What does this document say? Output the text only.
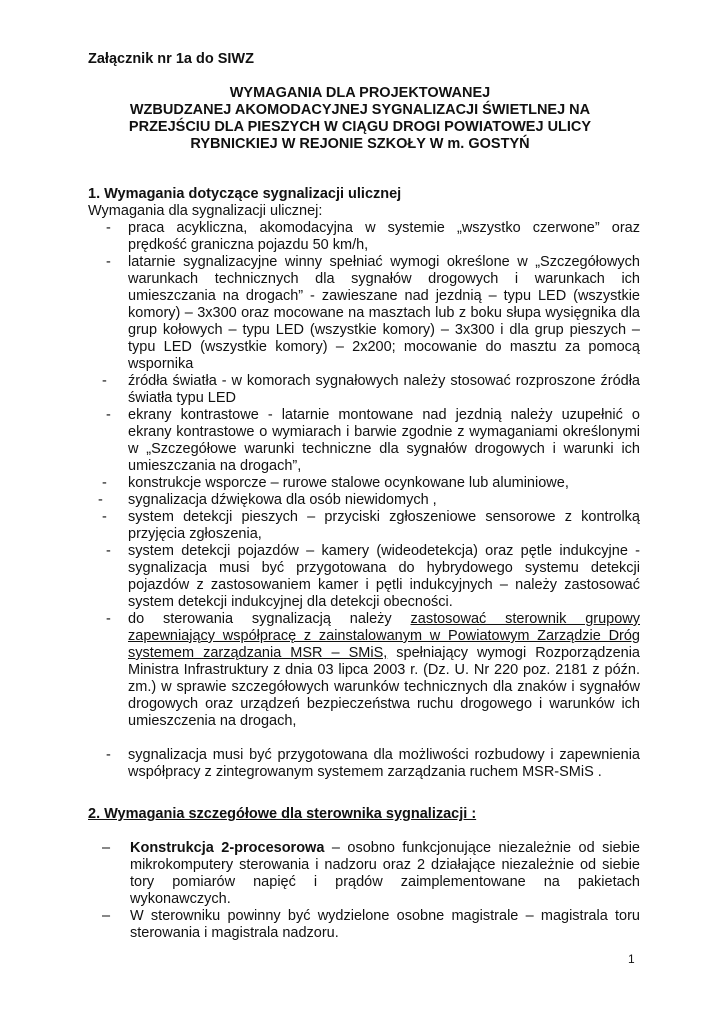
Załącznik nr 1a do SIWZ
WYMAGANIA DLA PROJEKTOWANEJ
WZBUDZANEJ AKOMODACYJNEJ SYGNALIZACJI ŚWIETLNEJ NA
PRZEJŚCIU DLA PIESZYCH W CIĄGU DROGI POWIATOWEJ ULICY
RYBNICKIEJ W REJONIE SZKOŁY W m. GOSTYŃ
1. Wymagania dotyczące sygnalizacji ulicznej
Wymagania dla sygnalizacji ulicznej:
- praca acykliczna, akomodacyjna w systemie „wszystko czerwone” oraz prędkość graniczna pojazdu 50 km/h,
- latarnie sygnalizacyjne winny spełniać wymogi określone w „Szczegółowych warunkach technicznych dla sygnałów drogowych i warunkach ich umieszczania na drogach” - zawieszane nad jezdnią – typu LED (wszystkie komory) – 3x300 oraz mocowane na masztach lub z boku słupa wysięgnika dla grup kołowych – typu LED (wszystkie komory) – 3x300 i dla grup pieszych – typu LED (wszystkie komory) – 2x200; mocowanie do masztu za pomocą wspornika
- źródła światła - w komorach sygnałowych należy stosować rozproszone źródła światła typu LED
- ekrany kontrastowe - latarnie montowane nad jezdnią należy uzupełnić o ekrany kontrastowe o wymiarach i barwie zgodnie z wymaganiami określonymi w „Szczegółowe warunki techniczne dla sygnałów drogowych i warunki ich umieszczania na drogach”,
- konstrukcje wsporcze – rurowe stalowe ocynkowane lub aluminiowe,
- sygnalizacja dźwiękowa dla osób niewidomych ,
- system detekcji pieszych – przyciski zgłoszeniowe sensorowe z kontrolką przyjęcia zgłoszenia,
- system detekcji pojazdów – kamery (wideodetekcja) oraz pętle indukcyjne - sygnalizacja musi być przygotowana do hybrydowego systemu detekcji pojazdów z zastosowaniem kamer i pętli indukcyjnych – należy zastosować system detekcji indukcyjnej dla detekcji obecności.
- do sterowania sygnalizacją należy zastosować sterownik grupowy zapewniający współpracę z zainstalowanym w Powiatowym Zarządzie Dróg systemem zarządzania MSR – SMiS, spełniający wymogi Rozporządzenia Ministra Infrastruktury z dnia 03 lipca 2003 r. (Dz. U. Nr 220 poz. 2181 z późn. zm.) w sprawie szczegółowych warunków technicznych dla znaków i sygnałów drogowych oraz urządzeń bezpieczeństwa ruchu drogowego i warunków ich umieszczenia na drogach,
- sygnalizacja musi być przygotowana dla możliwości rozbudowy i zapewnienia współpracy z zintegrowanym systemem zarządzania ruchem MSR-SMiS .
2. Wymagania szczegółowe dla sterownika sygnalizacji :
– Konstrukcja 2-procesorowa – osobno funkcjonujące niezależnie od siebie mikrokomputery sterowania i nadzoru oraz 2 działające niezależnie od siebie tory pomiarów napięć i prądów zaimplementowane na pakietach wykonawczych.
– W sterowniku powinny być wydzielone osobne magistrale – magistrala toru sterowania i magistrala nadzoru.
1
